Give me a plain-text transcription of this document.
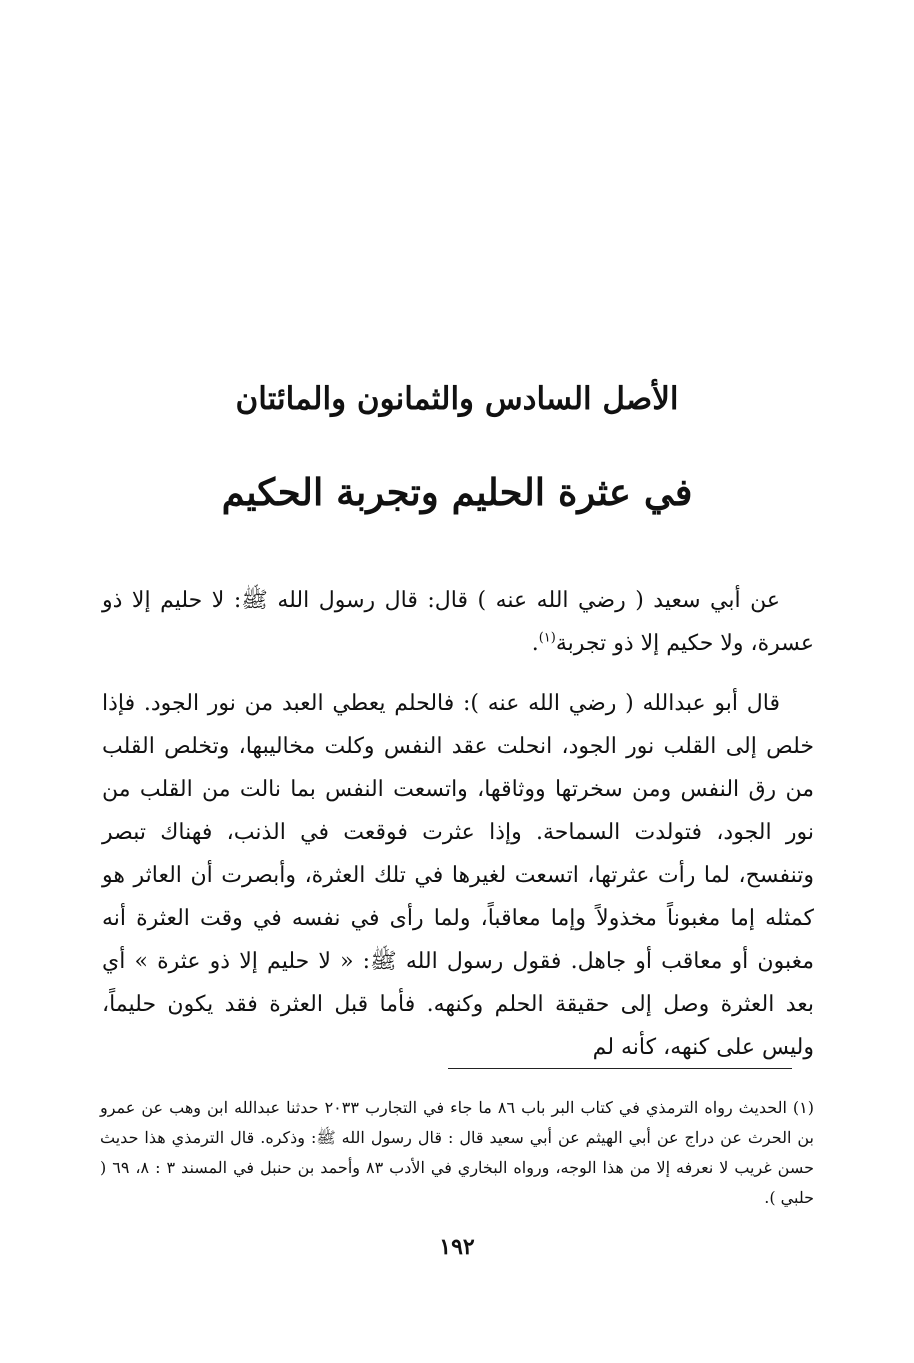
الأصل السادس والثمانون والمائتان
في عثرة الحليم وتجربة الحكيم

عن أبي سعيد ( رضي الله عنه ) قال: قال رسول الله ﷺ: لا حليم إلا ذو عسرة، ولا حكيم إلا ذو تجربة$^{(١)}$.

قال أبو عبدالله ( رضي الله عنه ): فالحلم يعطي العبد من نور الجود. فإذا خلص إلى القلب نور الجود، انحلت عقد النفس وكلت مخاليبها، وتخلص القلب من رق النفس ومن سخرتها ووثاقها، واتسعت النفس بما نالت من القلب من نور الجود، فتولدت السماحة. وإذا عثرت فوقعت في الذنب، فهناك تبصر وتنفسح، لما رأت عثرتها، اتسعت لغيرها في تلك العثرة، وأبصرت أن العاثر هو كمثله إما مغبوناً مخذولاً وإما معاقباً، ولما رأى في نفسه في وقت العثرة أنه مغبون أو معاقب أو جاهل. فقول رسول الله ﷺ: « لا حليم إلا ذو عثرة » أي بعد العثرة وصل إلى حقيقة الحلم وكنهه. فأما قبل العثرة فقد يكون حليماً، وليس على كنهه، كأنه لم

(١) الحديث رواه الترمذي في كتاب البر باب ٨٦ ما جاء في التجارب ٢٠٣٣ حدثنا عبدالله ابن وهب عن عمرو بن الحرث عن دراج عن أبي الهيثم عن أبي سعيد قال : قال رسول الله ﷺ: وذكره. قال الترمذي هذا حديث حسن غريب لا نعرفه إلا من هذا الوجه، ورواه البخاري في الأدب ٨٣ وأحمد بن حنبل في المسند ٣ : ٨، ٦٩ ( حلبي ).

١٩٢
